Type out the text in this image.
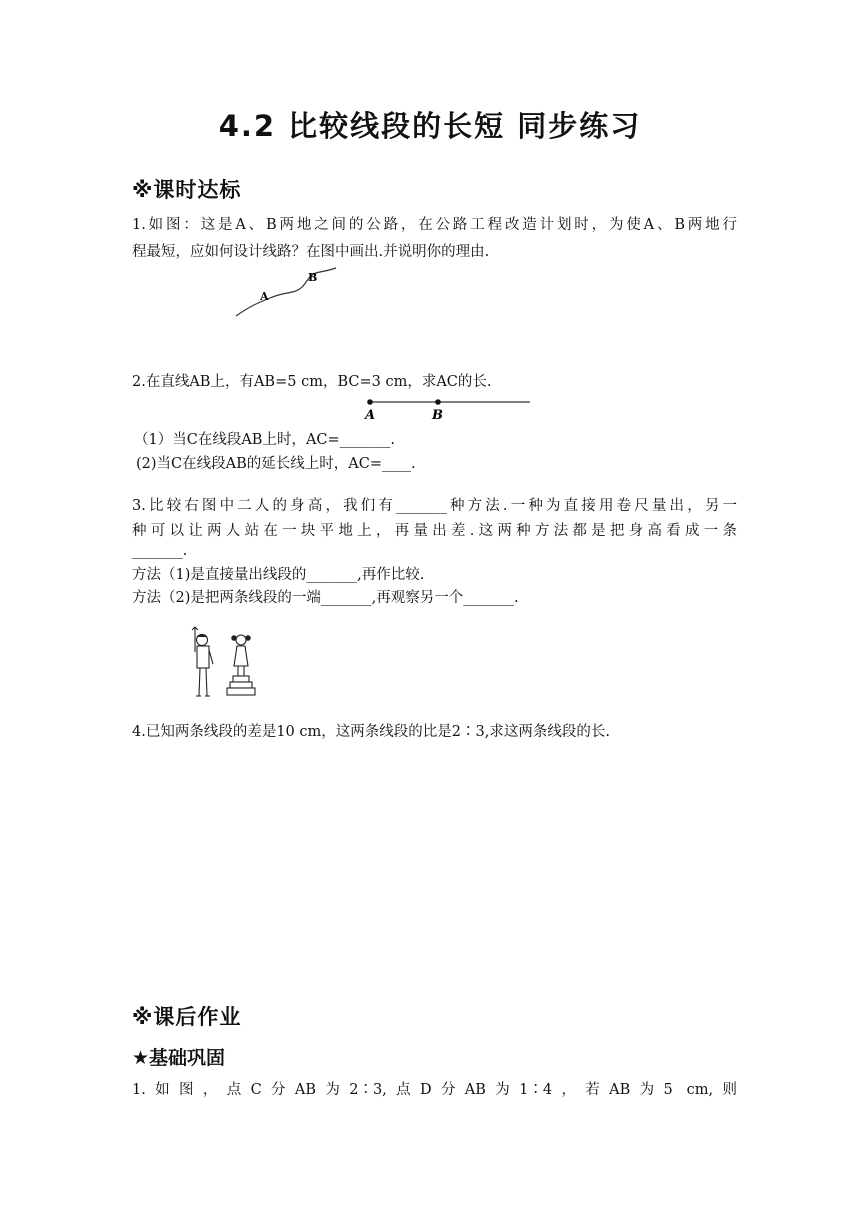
4.2 比较线段的长短 同步练习
※课时达标
1.如图：这是A、B两地之间的公路，在公路工程改造计划时，为使A、B两地行
程最短，应如何设计线路？在图中画出.并说明你的理由.
A
B
2.在直线AB上，有AB=5 cm，BC=3 cm，求AC的长.
A	B
（1）当C在线段AB上时，AC=_______.
(2)当C在线段AB的延长线上时，AC=____.
3.比较右图中二人的身高，我们有_______种方法.一种为直接用卷尺量出，另一
种可以让两人站在一块平地上，再量出差.这两种方法都是把身高看成一条
_______.
方法（1)是直接量出线段的_______,再作比较.
方法（2)是把两条线段的一端_______,再观察另一个_______.
4.已知两条线段的差是10 cm，这两条线段的比是2∶3,求这两条线段的长.
※课后作业
★基础巩固
1.如图，点C分AB为2∶3,点D分AB为1∶4，若AB为5 cm,则
